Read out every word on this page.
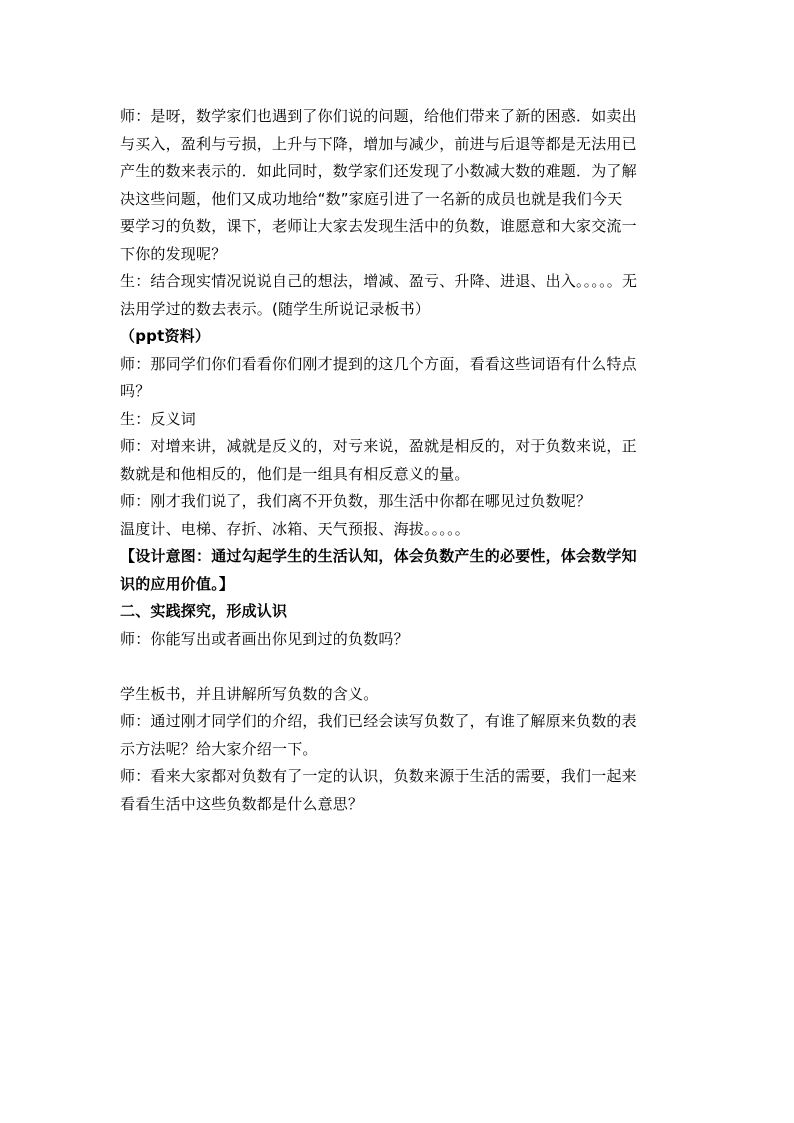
师：是呀，数学家们也遇到了你们说的问题，给他们带来了新的困惑．如卖出
与买入，盈利与亏损，上升与下降，增加与减少，前进与后退等都是无法用已
产生的数来表示的．如此同时，数学家们还发现了小数减大数的难题．为了解
决这些问题，他们又成功地给“数”家庭引进了一名新的成员也就是我们今天
要学习的负数，课下，老师让大家去发现生活中的负数，谁愿意和大家交流一
下你的发现呢？
生：结合现实情况说说自己的想法，增减、盈亏、升降、进退、出入。。。。。无
法用学过的数去表示。(随学生所说记录板书）
（ppt资料）
师：那同学们你们看看你们刚才提到的这几个方面，看看这些词语有什么特点
吗？
生：反义词
师：对增来讲，减就是反义的，对亏来说，盈就是相反的，对于负数来说，正
数就是和他相反的，他们是一组具有相反意义的量。
师：刚才我们说了，我们离不开负数，那生活中你都在哪见过负数呢？
温度计、电梯、存折、冰箱、天气预报、海拔。。。。。
【设计意图：通过勾起学生的生活认知，体会负数产生的必要性，体会数学知
识的应用价值。】
二、实践探究，形成认识
师：你能写出或者画出你见到过的负数吗？
学生板书，并且讲解所写负数的含义。
师：通过刚才同学们的介绍，我们已经会读写负数了，有谁了解原来负数的表
示方法呢？给大家介绍一下。
师：看来大家都对负数有了一定的认识，负数来源于生活的需要，我们一起来
看看生活中这些负数都是什么意思？
